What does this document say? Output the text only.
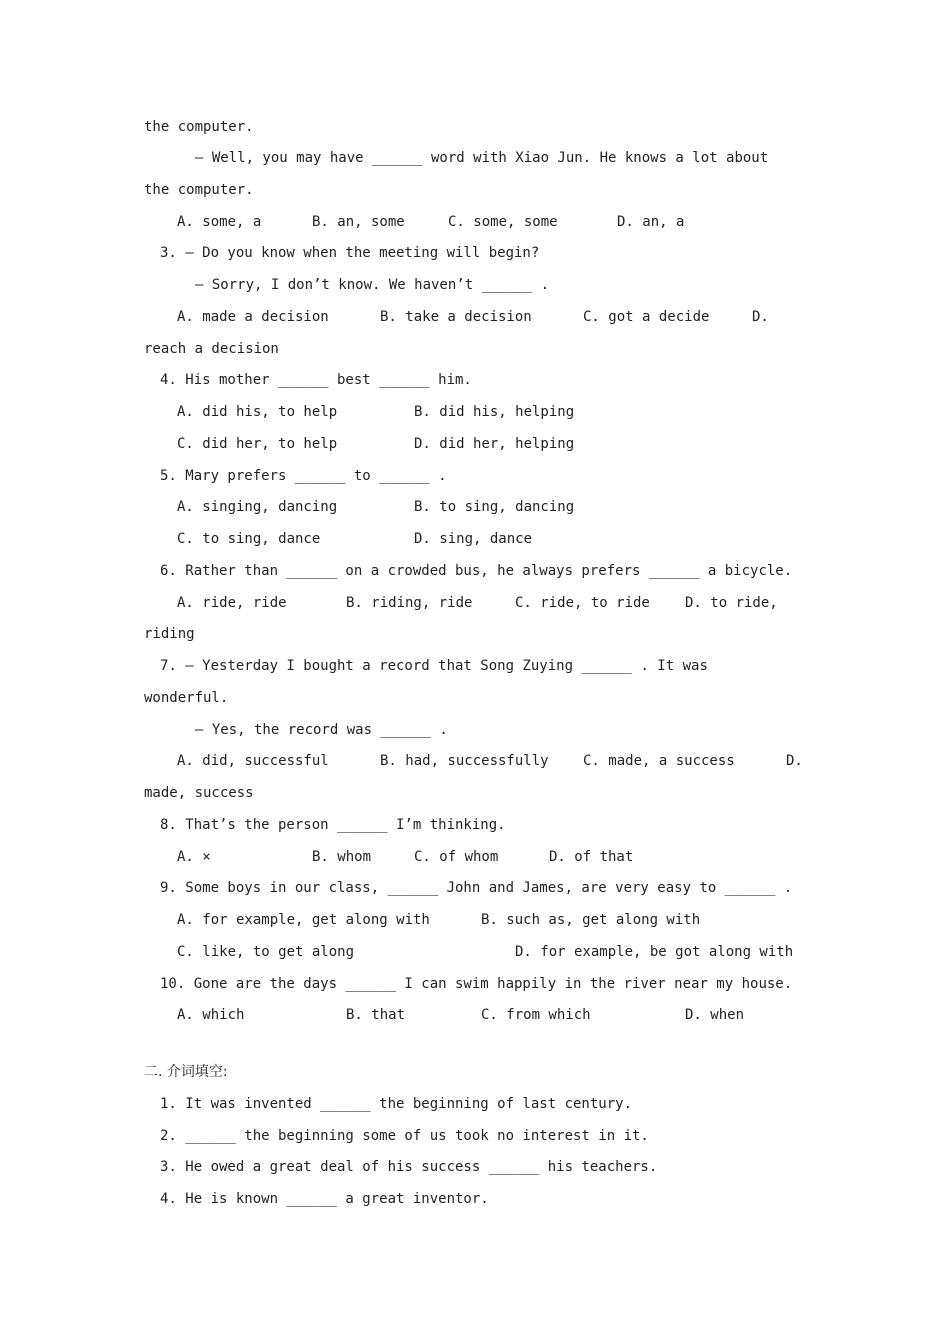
the computer.
— Well, you may have ______ word with Xiao Jun. He knows a lot about
the computer.
A. some, a	B. an, some	C. some, some	D. an, a
3. — Do you know when the meeting will begin?
— Sorry, I don’t know. We haven’t ______ .
A. made a decision	B. take a decision	C. got a decide	D.
reach a decision
4. His mother ______ best ______ him.
A. did his, to help	B. did his, helping
C. did her, to help	D. did her, helping
5. Mary prefers ______ to ______ .
A. singing, dancing	B. to sing, dancing
C. to sing, dance	D. sing, dance
6. Rather than ______ on a crowded bus, he always prefers ______ a bicycle.
A. ride, ride	B. riding, ride	C. ride, to ride	D. to ride,
riding
7. — Yesterday I bought a record that Song Zuying ______ . It was
wonderful.
— Yes, the record was ______ .
A. did, successful	B. had, successfully C. made, a success	D.
made, success
8. That’s the person ______ I’m thinking.
A. ×	B. whom	C. of whom	D. of that
9. Some boys in our class, ______ John and James, are very easy to ______ .
A. for example, get along with	B. such as, get along with
C. like, to get along	D. for example, be got along with
10. Gone are the days ______ I can swim happily in the river near my house.
A. which	B. that	C. from which	D. when
二. 介词填空:
1. It was invented ______ the beginning of last century.
2. ______ the beginning some of us took no interest in it.
3. He owed a great deal of his success ______ his teachers.
4. He is known ______ a great inventor.
